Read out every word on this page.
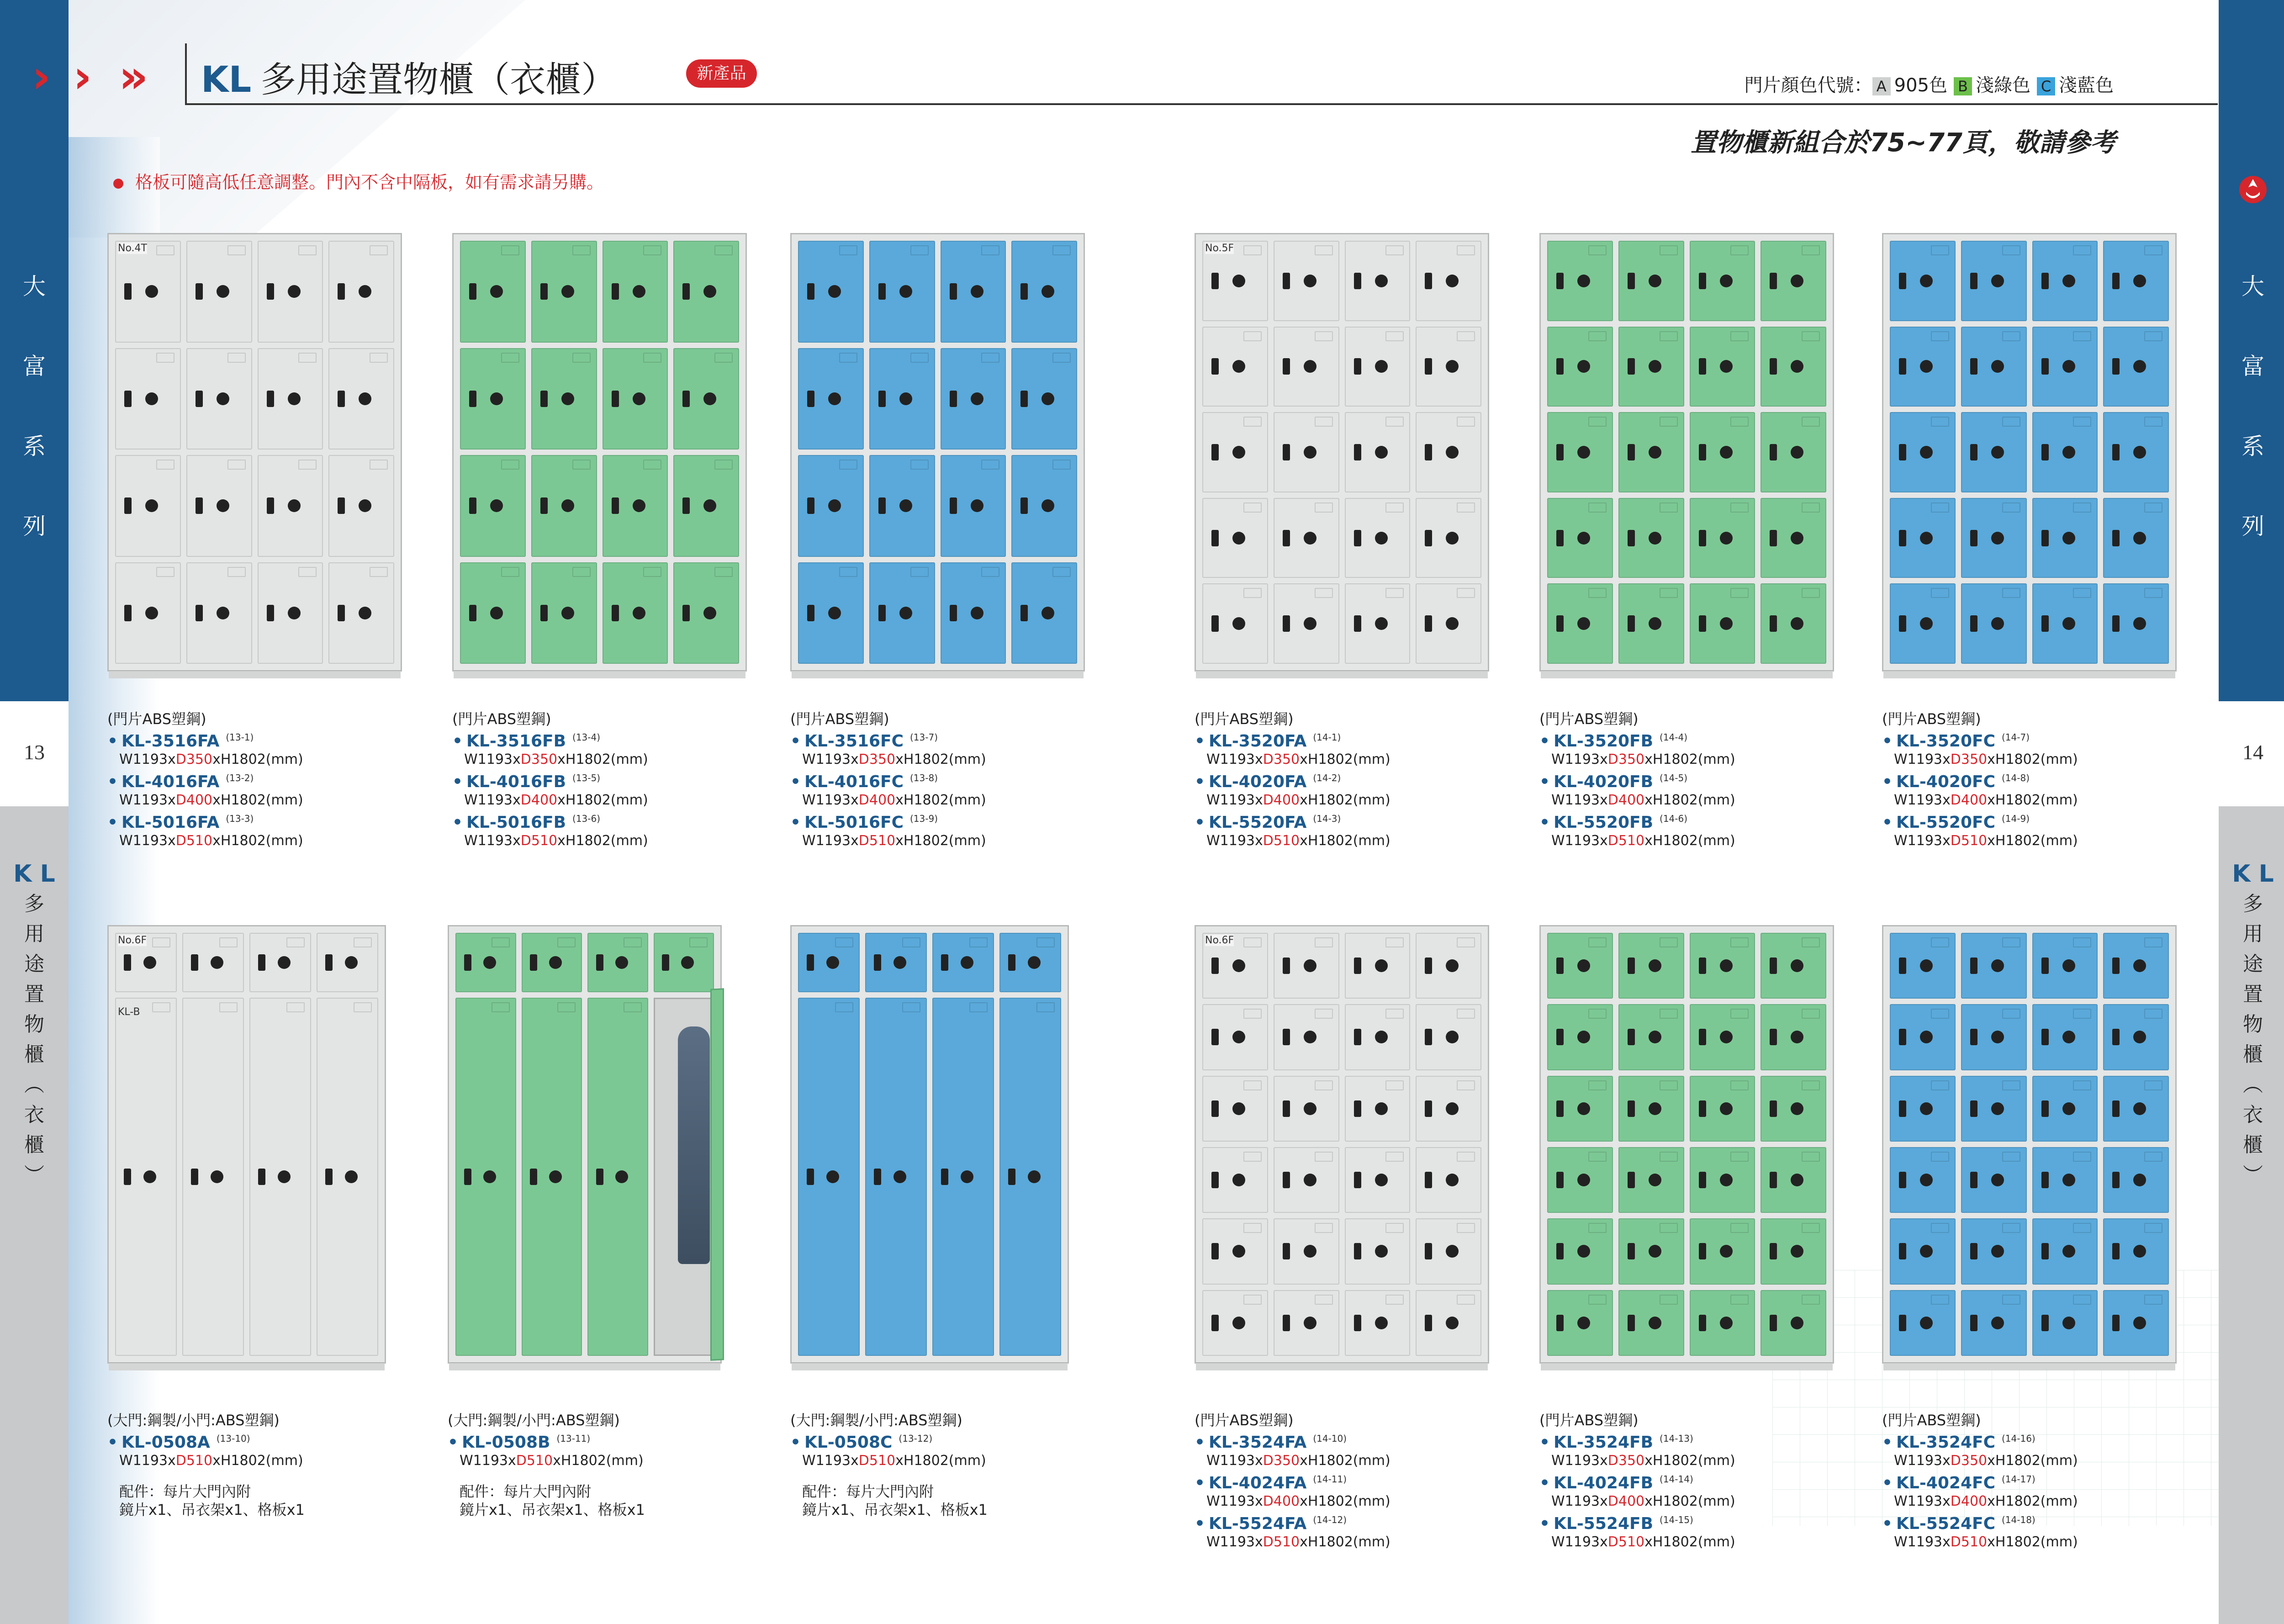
大
富
系
列
13
K L
多
用
途
置
物
櫃
︵
衣
櫃
︶
大
富
系
列
14
K L
多
用
途
置
物
櫃
︵
衣
櫃
︶
› › » KL 多用途置物櫃（衣櫃）	新產品
門片顏色代號： A 905色 B 淺綠色 C 淺藍色
置物櫃新組合於75~77頁，敬請參考
格板可隨高低任意調整。門內不含中隔板，如有需求請另購。
No.4T
(門片ABS塑鋼)
• KL-3516FA $^{(13-1)}$
W1193xD350xH1802(mm)
• KL-4016FA $^{(13-2)}$
W1193xD400xH1802(mm)
• KL-5016FA $^{(13-3)}$
W1193xD510xH1802(mm)
(門片ABS塑鋼)
• KL-3516FB $^{(13-4)}$
W1193xD350xH1802(mm)
• KL-4016FB $^{(13-5)}$
W1193xD400xH1802(mm)
• KL-5016FB $^{(13-6)}$
W1193xD510xH1802(mm)
(門片ABS塑鋼)
• KL-3516FC $^{(13-7)}$
W1193xD350xH1802(mm)
• KL-4016FC $^{(13-8)}$
W1193xD400xH1802(mm)
• KL-5016FC $^{(13-9)}$
W1193xD510xH1802(mm)
No.5F
(門片ABS塑鋼)
• KL-3520FA $^{(14-1)}$
W1193xD350xH1802(mm)
• KL-4020FA $^{(14-2)}$
W1193xD400xH1802(mm)
• KL-5520FA $^{(14-3)}$
W1193xD510xH1802(mm)
(門片ABS塑鋼)
• KL-3520FB $^{(14-4)}$
W1193xD350xH1802(mm)
• KL-4020FB $^{(14-5)}$
W1193xD400xH1802(mm)
• KL-5520FB $^{(14-6)}$
W1193xD510xH1802(mm)
(門片ABS塑鋼)
• KL-3520FC $^{(14-7)}$
W1193xD350xH1802(mm)
• KL-4020FC $^{(14-8)}$
W1193xD400xH1802(mm)
• KL-5520FC $^{(14-9)}$
W1193xD510xH1802(mm)
No.6F
KL-B
(大門:鋼製/小門:ABS塑鋼)
• KL-0508A $^{(13-10)}$
W1193xD510xH1802(mm)
配件：每片大門內附
鏡片x1、吊衣架x1、格板x1
(大門:鋼製/小門:ABS塑鋼)
• KL-0508B $^{(13-11)}$
W1193xD510xH1802(mm)
配件：每片大門內附
鏡片x1、吊衣架x1、格板x1
(大門:鋼製/小門:ABS塑鋼)
• KL-0508C $^{(13-12)}$
W1193xD510xH1802(mm)
配件：每片大門內附
鏡片x1、吊衣架x1、格板x1
No.6F
(門片ABS塑鋼)
• KL-3524FA $^{(14-10)}$
W1193xD350xH1802(mm)
• KL-4024FA $^{(14-11)}$
W1193xD400xH1802(mm)
• KL-5524FA $^{(14-12)}$
W1193xD510xH1802(mm)
(門片ABS塑鋼)
• KL-3524FB $^{(14-13)}$
W1193xD350xH1802(mm)
• KL-4024FB $^{(14-14)}$
W1193xD400xH1802(mm)
• KL-5524FB $^{(14-15)}$
W1193xD510xH1802(mm)
(門片ABS塑鋼)
• KL-3524FC $^{(14-16)}$
W1193xD350xH1802(mm)
• KL-4024FC $^{(14-17)}$
W1193xD400xH1802(mm)
• KL-5524FC $^{(14-18)}$
W1193xD510xH1802(mm)
